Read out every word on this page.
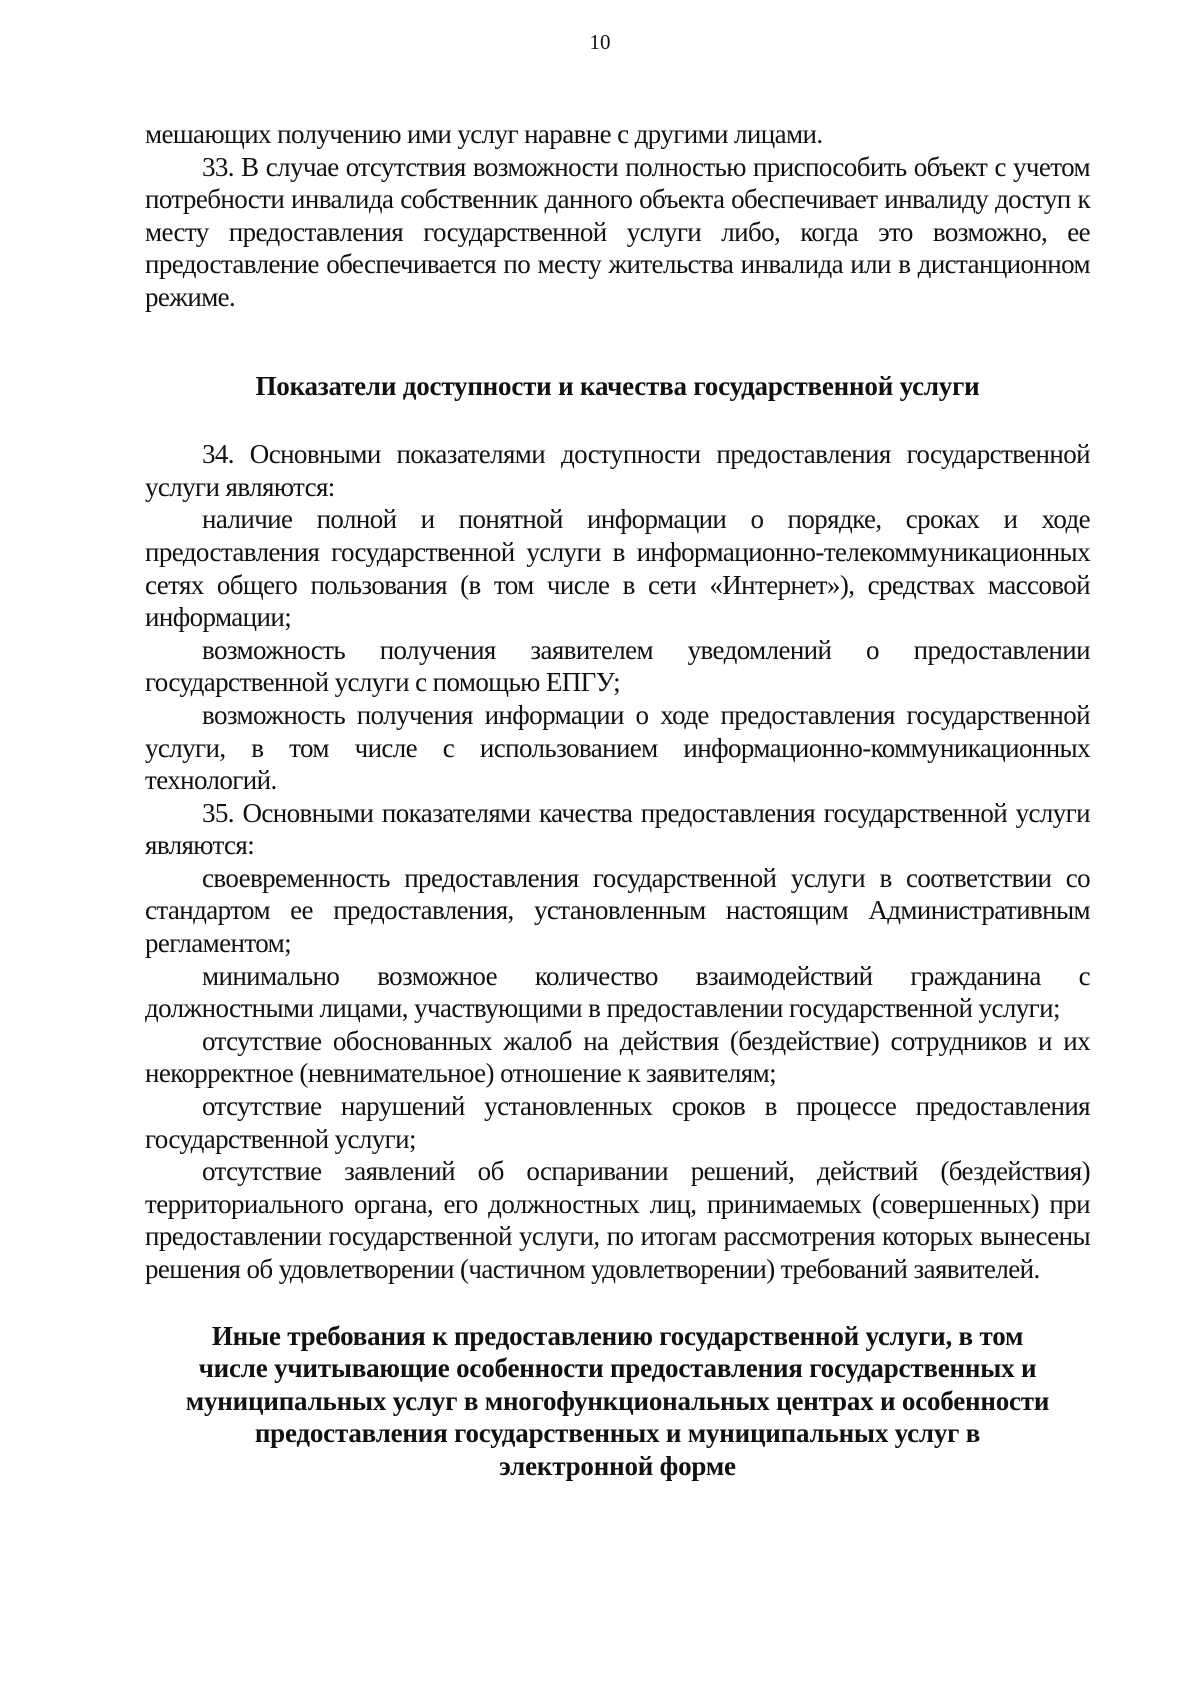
10

мешающих получению ими услуг наравне с другими лицами.

33. В случае отсутствия возможности полностью приспособить объект с учетом потребности инвалида собственник данного объекта обеспечивает инвалиду доступ к месту предоставления государственной услуги либо, когда это возможно, ее предоставление обеспечивается по месту жительства инвалида или в дистанционном режиме.

Показатели доступности и качества государственной услуги

34. Основными показателями доступности предоставления государственной услуги являются:

наличие полной и понятной информации о порядке, сроках и ходе предоставления государственной услуги в информационно-телекоммуникационных сетях общего пользования (в том числе в сети «Интернет»), средствах массовой информации;

возможность получения заявителем уведомлений о предоставлении государственной услуги с помощью ЕПГУ;

возможность получения информации о ходе предоставления государственной услуги, в том числе с использованием информационно-коммуникационных технологий.

35. Основными показателями качества предоставления государственной услуги являются:

своевременность предоставления государственной услуги в соответствии со стандартом ее предоставления, установленным настоящим Административным регламентом;

минимально возможное количество взаимодействий гражданина с должностными лицами, участвующими в предоставлении государственной услуги;

отсутствие обоснованных жалоб на действия (бездействие) сотрудников и их некорректное (невнимательное) отношение к заявителям;

отсутствие нарушений установленных сроков в процессе предоставления государственной услуги;

отсутствие заявлений об оспаривании решений, действий (бездействия) территориального органа, его должностных лиц, принимаемых (совершенных) при предоставлении государственной услуги, по итогам рассмотрения которых вынесены решения об удовлетворении (частичном удовлетворении) требований заявителей.

Иные требования к предоставлению государственной услуги, в том
числе учитывающие особенности предоставления государственных и
муниципальных услуг в многофункциональных центрах и особенности
предоставления государственных и муниципальных услуг в
электронной форме
